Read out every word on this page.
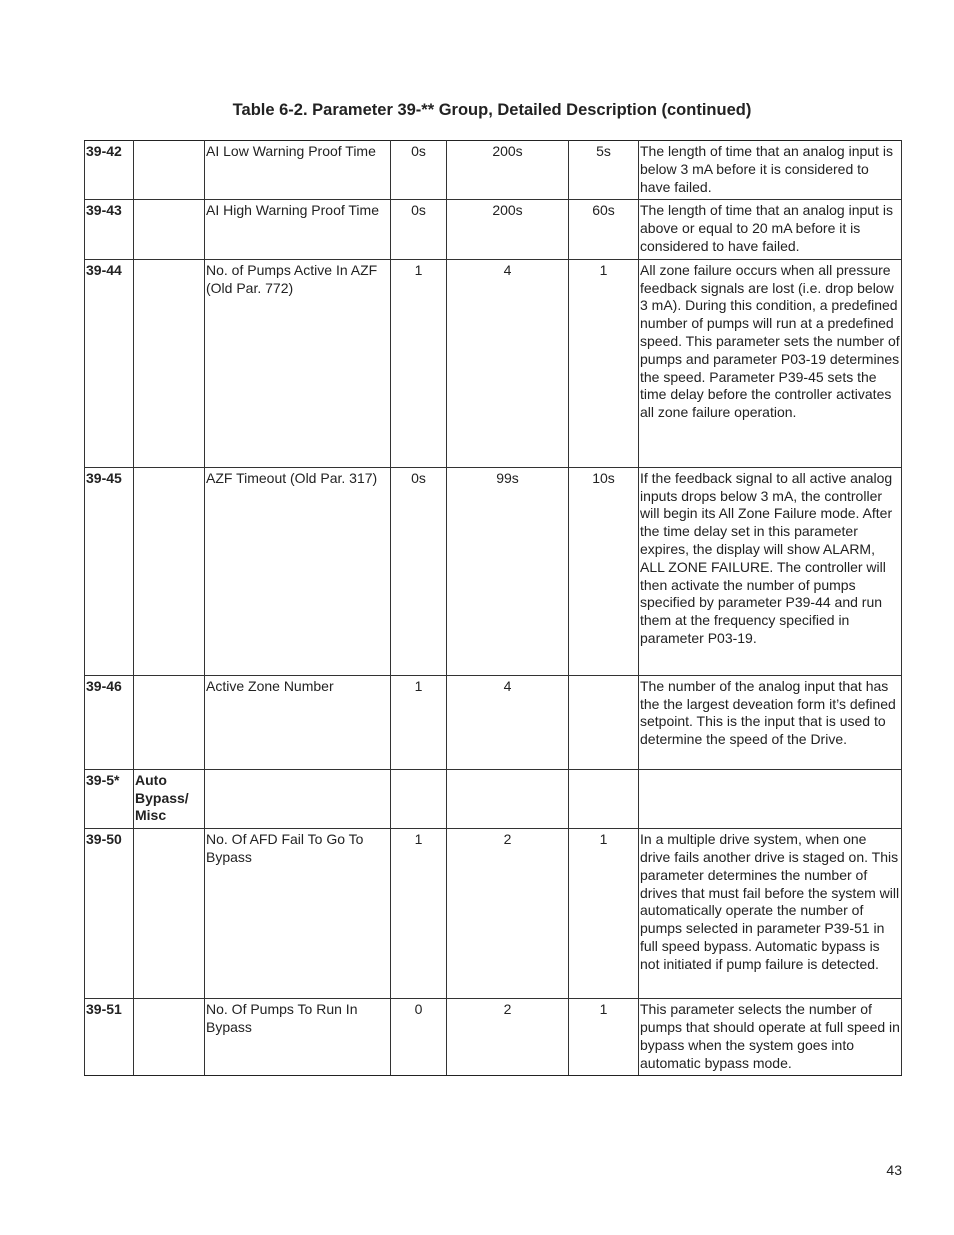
Table 6-2. Parameter 39-** Group, Detailed Description (continued)
39-42		AI Low Warning Proof Time	0s	200s	5s	The length of time that an analog input is below 3 mA before it is considered to have failed.
39-43		AI High Warning Proof Time	0s	200s	60s	The length of time that an analog input is above or equal to 20 mA before it is considered to have failed.
39-44		No. of Pumps Active In AZF (Old Par. 772)	1	4	1	All zone failure occurs when all pressure feedback signals are lost (i.e. drop below 3 mA). During this condition, a predefined number of pumps will run at a predefined speed. This parameter sets the number of pumps and parameter P03-19 determines the speed. Parameter P39-45 sets the time delay before the controller activates all zone failure operation.
39-45		AZF Timeout (Old Par. 317)	0s	99s	10s	If the feedback signal to all active analog inputs drops below 3 mA, the controller will begin its All Zone Failure mode. After the time delay set in this parameter expires, the display will show ALARM, ALL ZONE FAILURE. The controller will then activate the number of pumps specified by parameter P39-44 and run them at the frequency specified in parameter P03-19.
39-46		Active Zone Number	1	4		The number of the analog input that has the the largest deveation form it’s defined setpoint. This is the input that is used to determine the speed of the Drive.
39-5*	Auto Bypass/ Misc					
39-50		No. Of AFD Fail To Go To Bypass	1	2	1	In a multiple drive system, when one drive fails another drive is staged on. This parameter determines the number of drives that must fail before the system will automatically operate the number of pumps selected in parameter P39-51 in full speed bypass. Automatic bypass is not initiated if pump failure is detected.
39-51		No. Of Pumps To Run In Bypass	0	2	1	This parameter selects the number of pumps that should operate at full speed in bypass when the system goes into automatic bypass mode.
43
